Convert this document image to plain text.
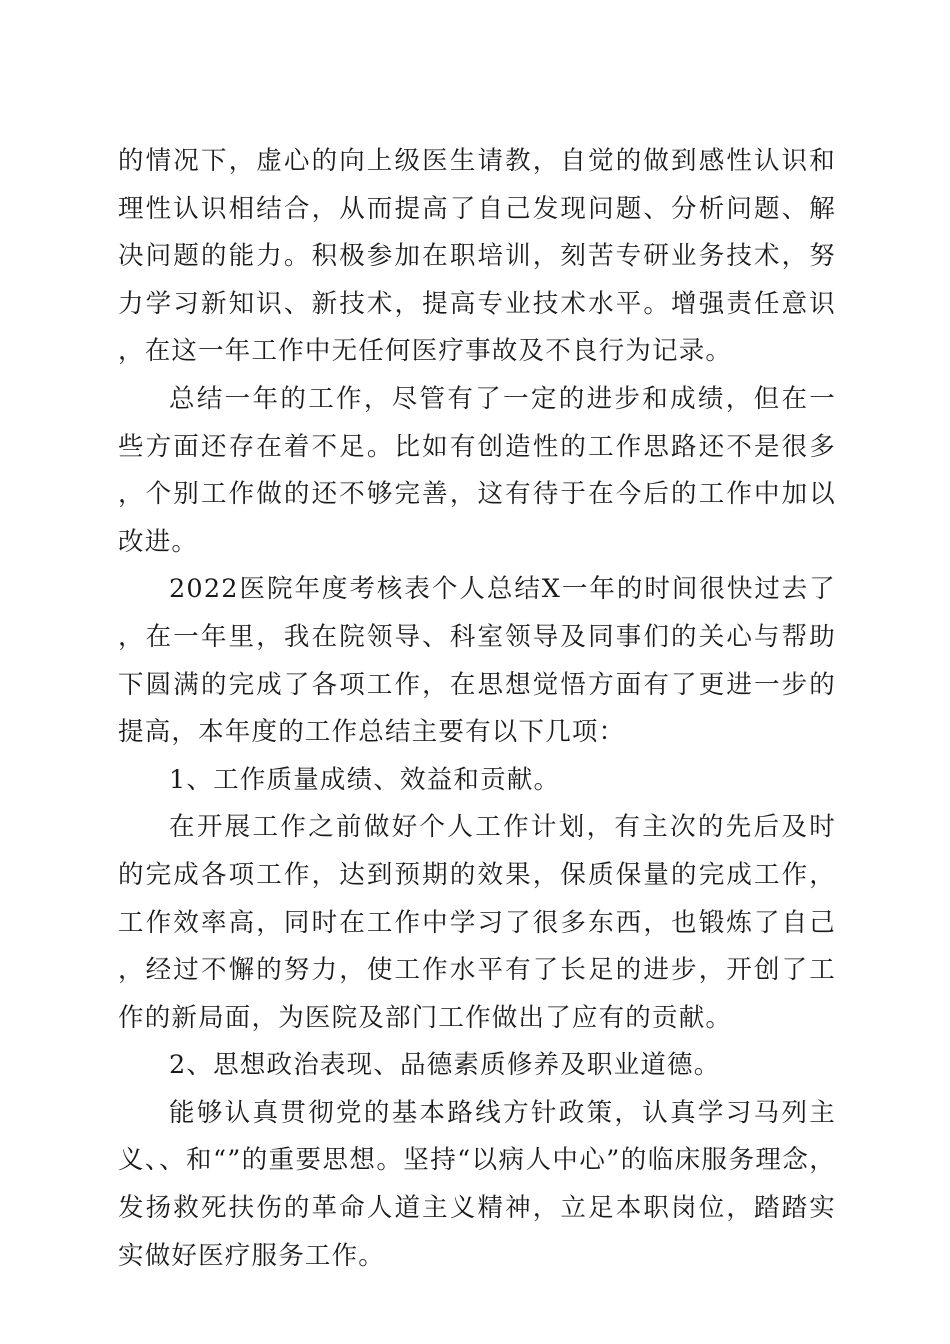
的情况下，虚心的向上级医生请教，自觉的做到感性认识和理性认识相结合，从而提高了自己发现问题、分析问题、解决问题的能力。积极参加在职培训，刻苦专研业务技术，努力学习新知识、新技术，提高专业技术水平。增强责任意识，在这一年工作中无任何医疗事故及不良行为记录。

总结一年的工作，尽管有了一定的进步和成绩，但在一些方面还存在着不足。比如有创造性的工作思路还不是很多，个别工作做的还不够完善，这有待于在今后的工作中加以改进。

2022医院年度考核表个人总结X一年的时间很快过去了，在一年里，我在院领导、科室领导及同事们的关心与帮助下圆满的完成了各项工作，在思想觉悟方面有了更进一步的提高，本年度的工作总结主要有以下几项：

1、工作质量成绩、效益和贡献。

在开展工作之前做好个人工作计划，有主次的先后及时的完成各项工作，达到预期的效果，保质保量的完成工作，工作效率高，同时在工作中学习了很多东西，也锻炼了自己，经过不懈的努力，使工作水平有了长足的进步，开创了工作的新局面，为医院及部门工作做出了应有的贡献。

2、思想政治表现、品德素质修养及职业道德。

能够认真贯彻党的基本路线方针政策，认真学习马列主义、、和“”的重要思想。坚持“以病人中心”的临床服务理念，发扬救死扶伤的革命人道主义精神，立足本职岗位，踏踏实实做好医疗服务工作。
